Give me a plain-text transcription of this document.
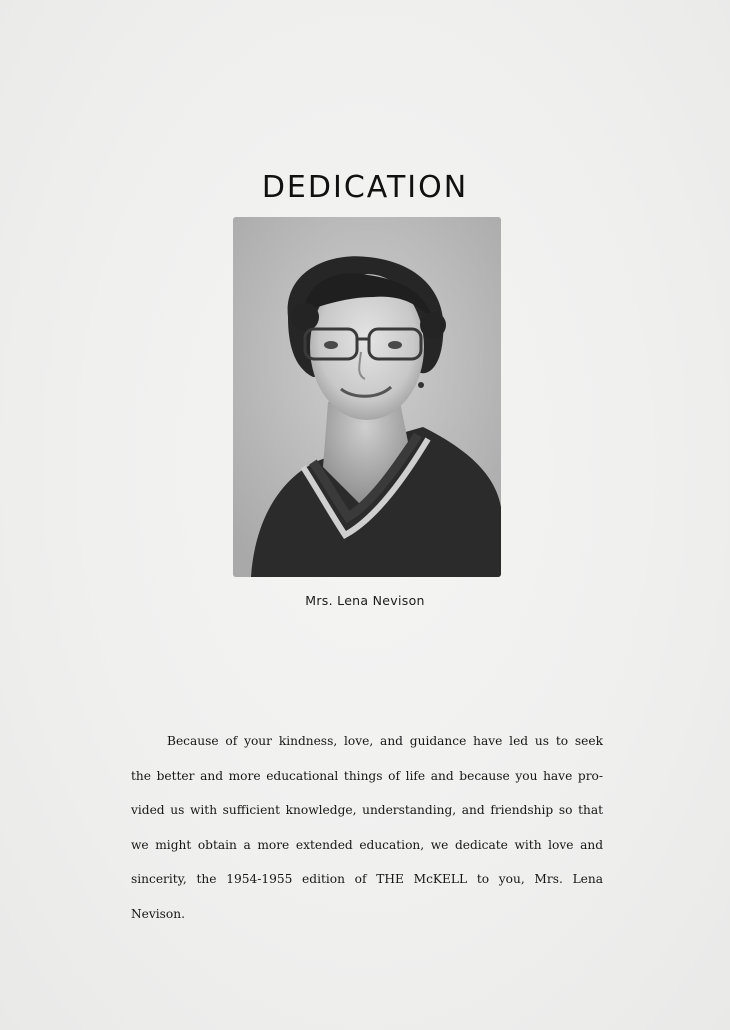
DEDICATION
Mrs. Lena Nevison

Because of your kindness, love, and guidance have led us to seek
the better and more educational things of life and because you have pro-
vided us with sufficient knowledge, understanding, and friendship so that
we might obtain a more extended education, we dedicate with love and
sincerity, the 1954-1955 edition of THE McKELL to you, Mrs. Lena
Nevison.
